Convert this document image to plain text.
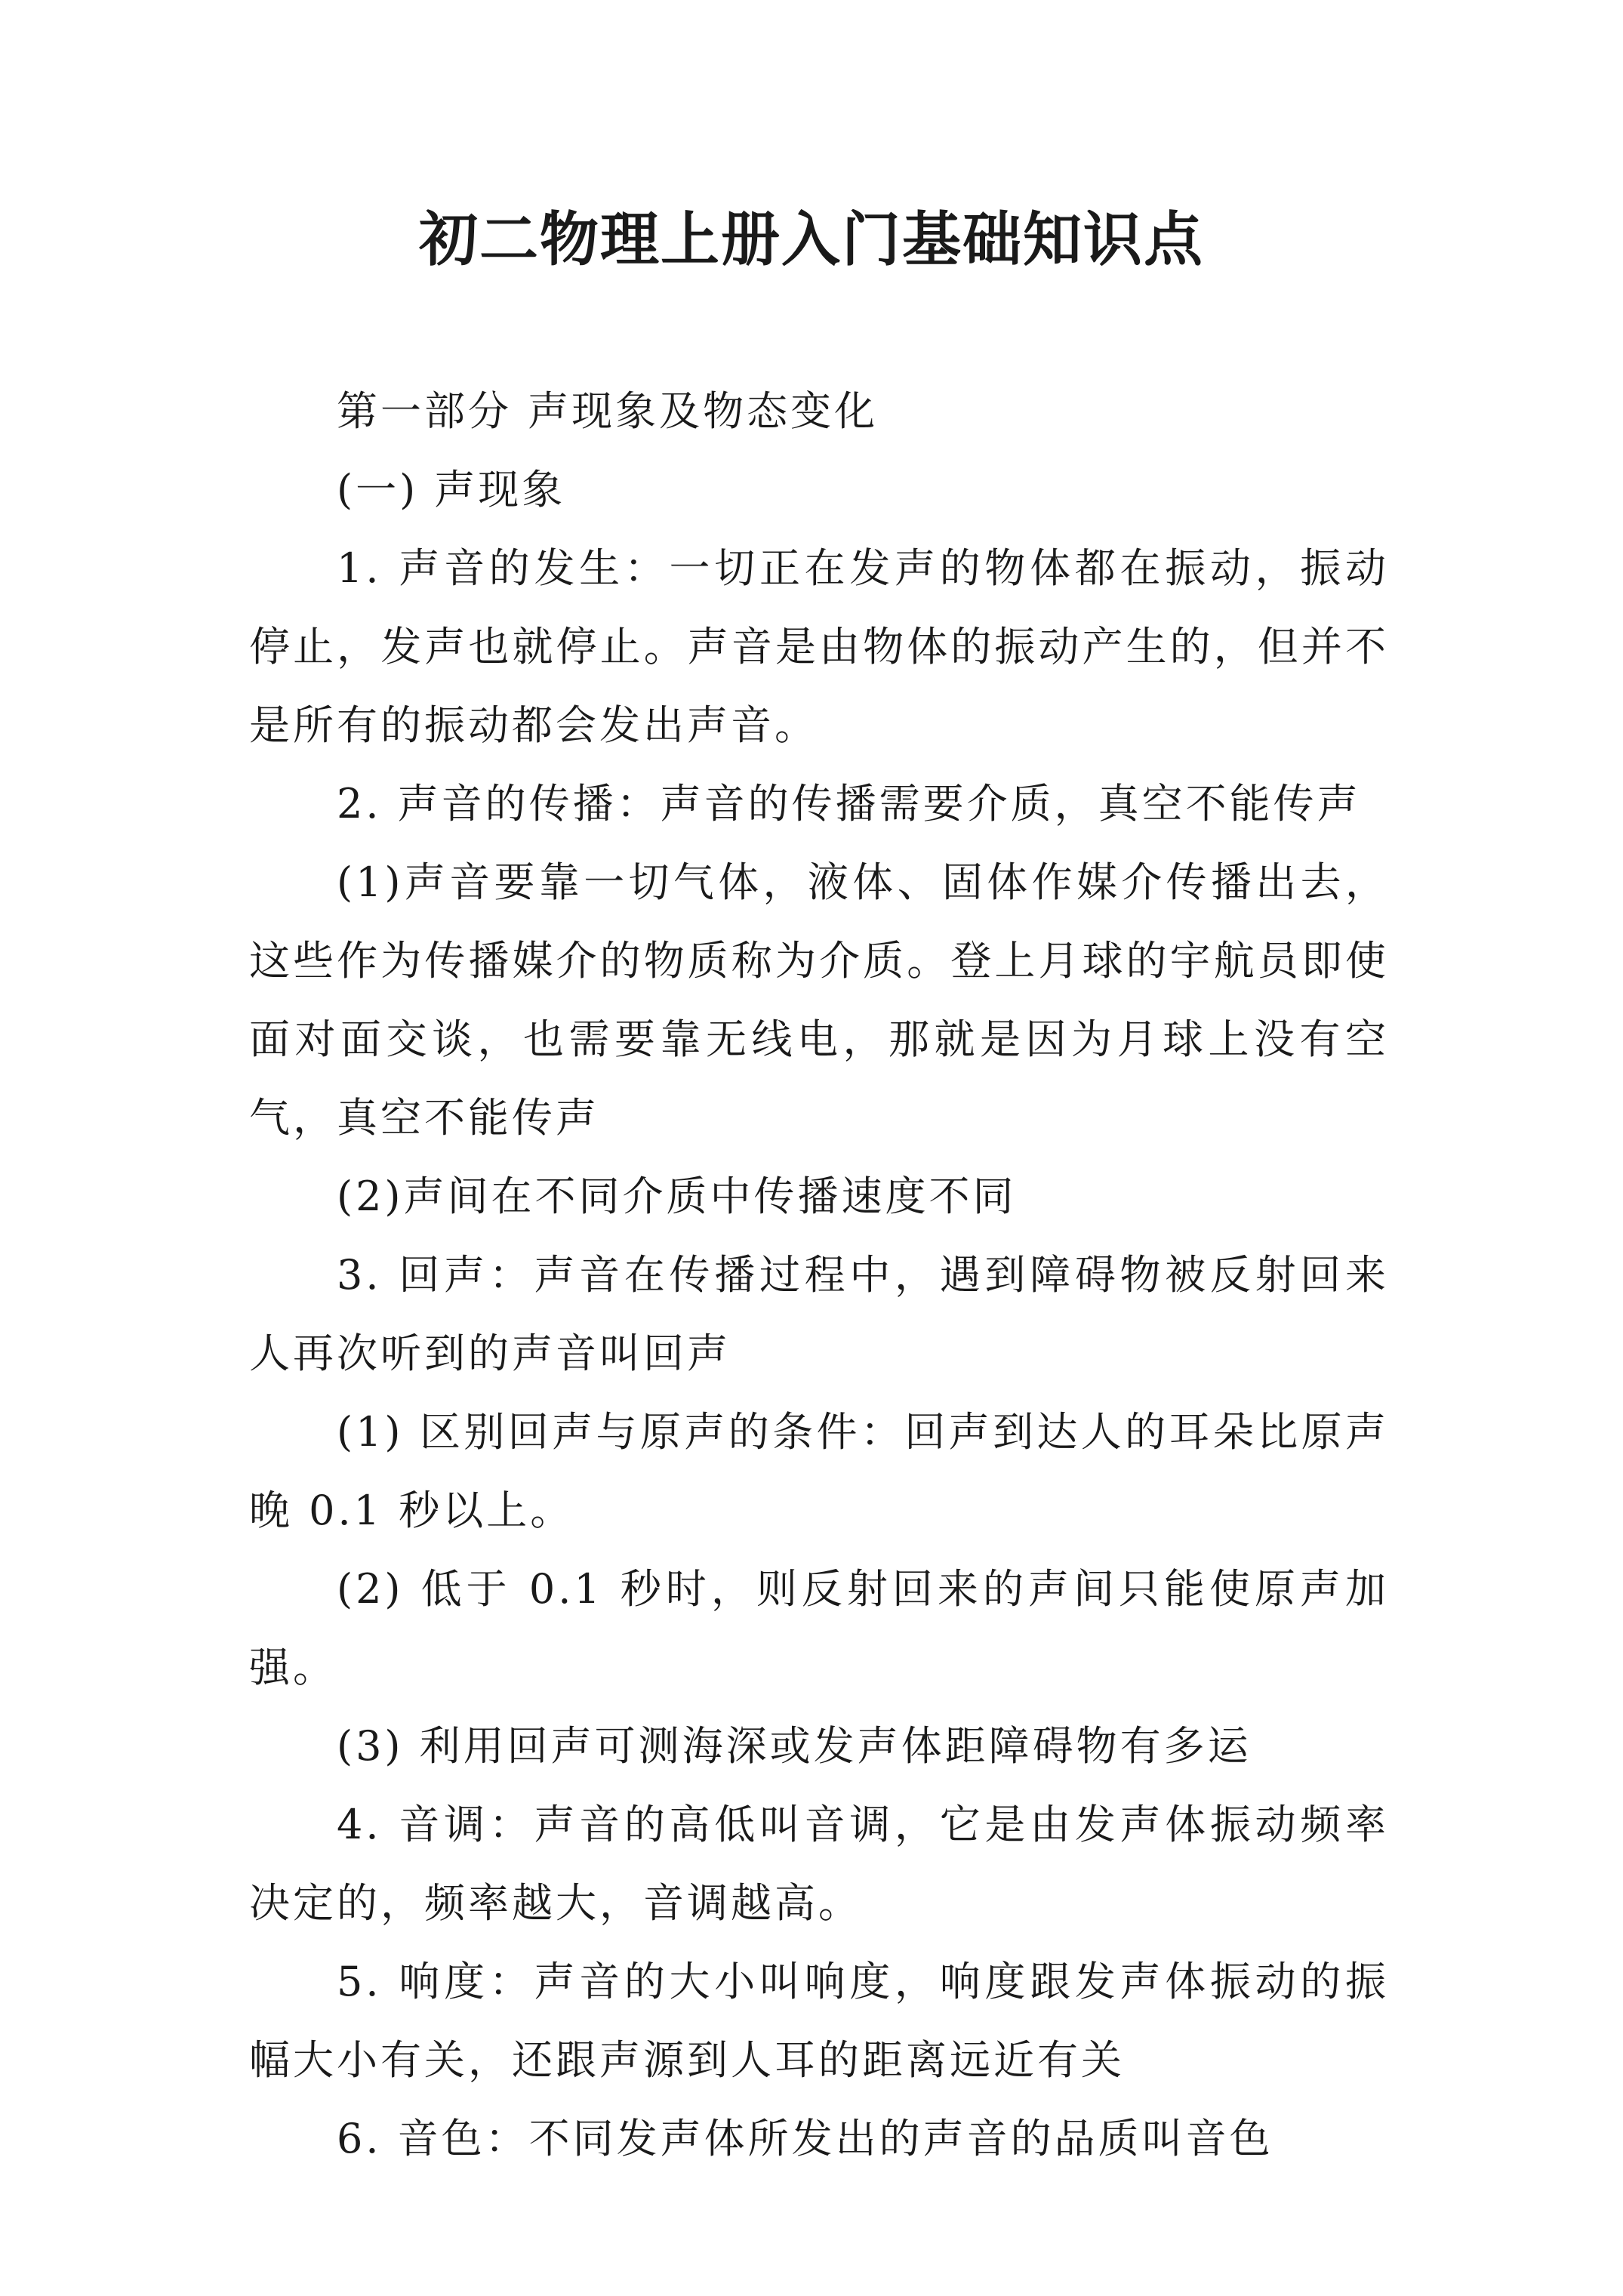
初二物理上册入门基础知识点

第一部分 声现象及物态变化

(一) 声现象

1. 声音的发生：一切正在发声的物体都在振动，振动停止，发声也就停止。声音是由物体的振动产生的，但并不是所有的振动都会发出声音。

2. 声音的传播：声音的传播需要介质，真空不能传声

(1)声音要靠一切气体，液体、固体作媒介传播出去，这些作为传播媒介的物质称为介质。登上月球的宇航员即使面对面交谈，也需要靠无线电，那就是因为月球上没有空气，真空不能传声

(2)声间在不同介质中传播速度不同

3. 回声：声音在传播过程中，遇到障碍物被反射回来人再次听到的声音叫回声

(1) 区别回声与原声的条件：回声到达人的耳朵比原声晚 0.1 秒以上。

(2) 低于 0.1 秒时，则反射回来的声间只能使原声加强。

(3) 利用回声可测海深或发声体距障碍物有多运

4. 音调：声音的高低叫音调，它是由发声体振动频率决定的，频率越大，音调越高。

5. 响度：声音的大小叫响度，响度跟发声体振动的振幅大小有关，还跟声源到人耳的距离远近有关

6. 音色：不同发声体所发出的声音的品质叫音色
